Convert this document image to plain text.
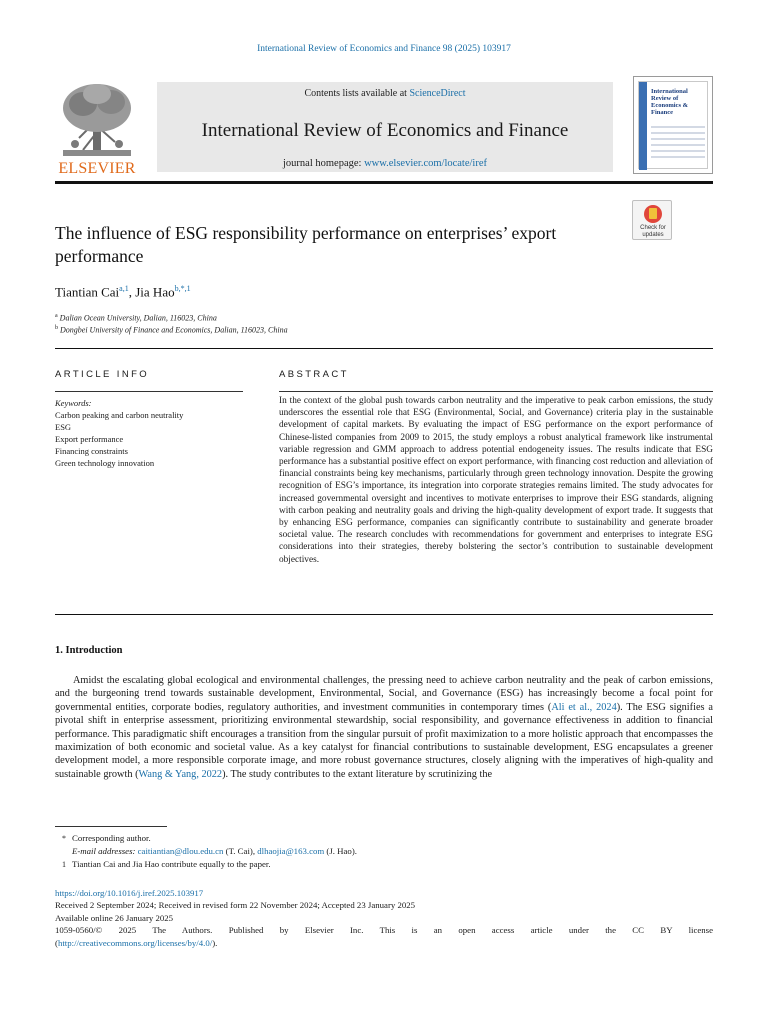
International Review of Economics and Finance 98 (2025) 103917
ELSEVIER
Contents lists available at ScienceDirect
International Review of Economics and Finance
journal homepage: www.elsevier.com/locate/iref
International Review of Economics & Finance
Check for
updates
The influence of ESG responsibility performance on enterprises’ export performance
Tiantian Cai$^{a,1}$, Jia Hao$^{b,*,1}$
$^a$ Dalian Ocean University, Dalian, 116023, China
$^b$ Dongbei University of Finance and Economics, Dalian, 116023, China
ARTICLE INFO	ABSTRACT
Keywords:
Carbon peaking and carbon neutrality
ESG
Export performance
Financing constraints
Green technology innovation
In the context of the global push towards carbon neutrality and the imperative to peak carbon emissions, the study underscores the essential role that ESG (Environmental, Social, and Governance) criteria play in the sustainable development of capital markets. By evaluating the impact of ESG performance on the export performance of Chinese-listed companies from 2009 to 2015, the study employs a robust analytical framework like instrumental variable regression and GMM approach to address potential endogeneity issues. The results indicate that ESG performance has a substantial positive effect on export performance, with financing cost reduction and alleviation of financial constraints being key mechanisms, particularly through green technology innovation. Despite the growing recognition of ESG’s importance, its integration into corporate strategies remains limited. The study advocates for increased governmental oversight and incentives to motivate enterprises to improve their ESG standards, aligning with carbon peaking and neutrality goals and driving the high-quality development of export trade. It suggests that by enhancing ESG performance, companies can significantly contribute to sustainability and generate broader societal value. The research concludes with recommendations for government and enterprises to integrate ESG considerations into their strategies, thereby bolstering the sector’s contribution to sustainable development objectives.
1. Introduction
Amidst the escalating global ecological and environmental challenges, the pressing need to achieve carbon neutrality and the peak of carbon emissions, and the burgeoning trend towards sustainable development, Environmental, Social, and Governance (ESG) has increasingly become a focal point for governmental entities, corporate bodies, regulatory authorities, and investment communities in contemporary times (Ali et al., 2024). The ESG signifies a pivotal shift in enterprise assessment, prioritizing environmental stewardship, social responsibility, and governance effectiveness in addition to financial performance. This paradigmatic shift encourages a transition from the singular pursuit of profit maximization to a more holistic approach that encompasses the maximization of both economic and societal value. As a key catalyst for financial contributions to sustainable development, ESG encapsulates a greener development model, a more responsible corporate image, and more robust governance structures, closely aligning with the imperatives of high-quality and sustainable growth (Wang & Yang, 2022). The study contributes to the extant literature by scrutinizing the
* Corresponding author.
E-mail addresses: caitiantian@dlou.edu.cn (T. Cai), dlhaojia@163.com (J. Hao).
1 Tiantian Cai and Jia Hao contribute equally to the paper.
https://doi.org/10.1016/j.iref.2025.103917
Received 2 September 2024; Received in revised form 22 November 2024; Accepted 23 January 2025
Available online 26 January 2025
1059-0560/© 2025 The Authors. Published by Elsevier Inc. This is an open access article under the CC BY license
(http://creativecommons.org/licenses/by/4.0/).
